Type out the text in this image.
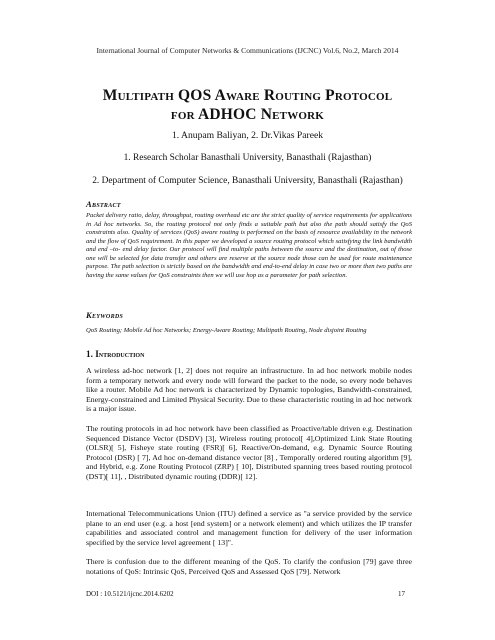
International Journal of Computer Networks & Communications (IJCNC) Vol.6, No.2, March 2014
Multipath QOS Aware Routing Protocol
for ADHOC Network
1. Anupam Baliyan, 2. Dr.Vikas Pareek
1. Research Scholar Banasthali University, Banasthali (Rajasthan)
2. Department of Computer Science, Banasthali University, Banasthali (Rajasthan)
Abstract
Packet delivery ratio, delay, throughput, routing overhead etc are the strict quality of service requirements for applications in Ad hoc networks. So, the routing protocol not only finds a suitable path but also the path should satisfy the QoS constraints also. Quality of services (QoS) aware routing is performed on the basis of resource availability in the network and the flow of QoS requirement. In this paper we developed a source routing protocol which satisfying the link bandwidth and end –to- end delay factor. Our protocol will find multiple paths between the source and the destination, out of those one will be selected for data transfer and others are reserve at the source node those can be used for route maintenance purpose. The path selection is strictly based on the bandwidth and end-to-end delay in case two or more then two paths are having the same values for QoS constraints then we will use hop as a parameter for path selection.
Keywords
QoS Routing; Mobile Ad hoc Networks; Energy-Aware Routing; Multipath Routing, Node disjoint Routing
1. Introduction
A wireless ad-hoc network [1, 2] does not require an infrastructure. In ad hoc network mobile nodes form a temporary network and every node will forward the packet to the node, so every node behaves like a router. Mobile Ad hoc network is characterized by Dynamic topologies, Bandwidth-constrained, Energy-constrained and Limited Physical Security. Due to these characteristic routing in ad hoc network is a major issue.
The routing protocols in ad hoc network have been classified as Proactive/table driven e.g. Destination Sequenced Distance Vector (DSDV) [3], Wireless routing protocol[ 4],Optimized Link State Routing (OLSR)[ 5], Fisheye state routing (FSR)[ 6], Reactive/On-demand, e.g. Dynamic Source Routing Protocol (DSR) [ 7], Ad hoc on-demand distance vector [8] , Temporally ordered routing algorithm [9], and Hybrid, e.g. Zone Routing Protocol (ZRP) [ 10], Distributed spanning trees based routing protocol (DST)[ 11], , Distributed dynamic routing (DDR)[ 12].
International Telecommunications Union (ITU) defined a service as "a service provided by the service plane to an end user (e.g. a host [end system] or a network element) and which utilizes the IP transfer capabilities and associated control and management function for delivery of the user information specified by the service level agreement [ 13]".
There is confusion due to the different meaning of the QoS. To clarify the confusion [79] gave three notations of QoS: Intrinsic QoS, Perceived QoS and Assessed QoS [79]. Network
DOI : 10.5121/ijcnc.2014.6202	17
